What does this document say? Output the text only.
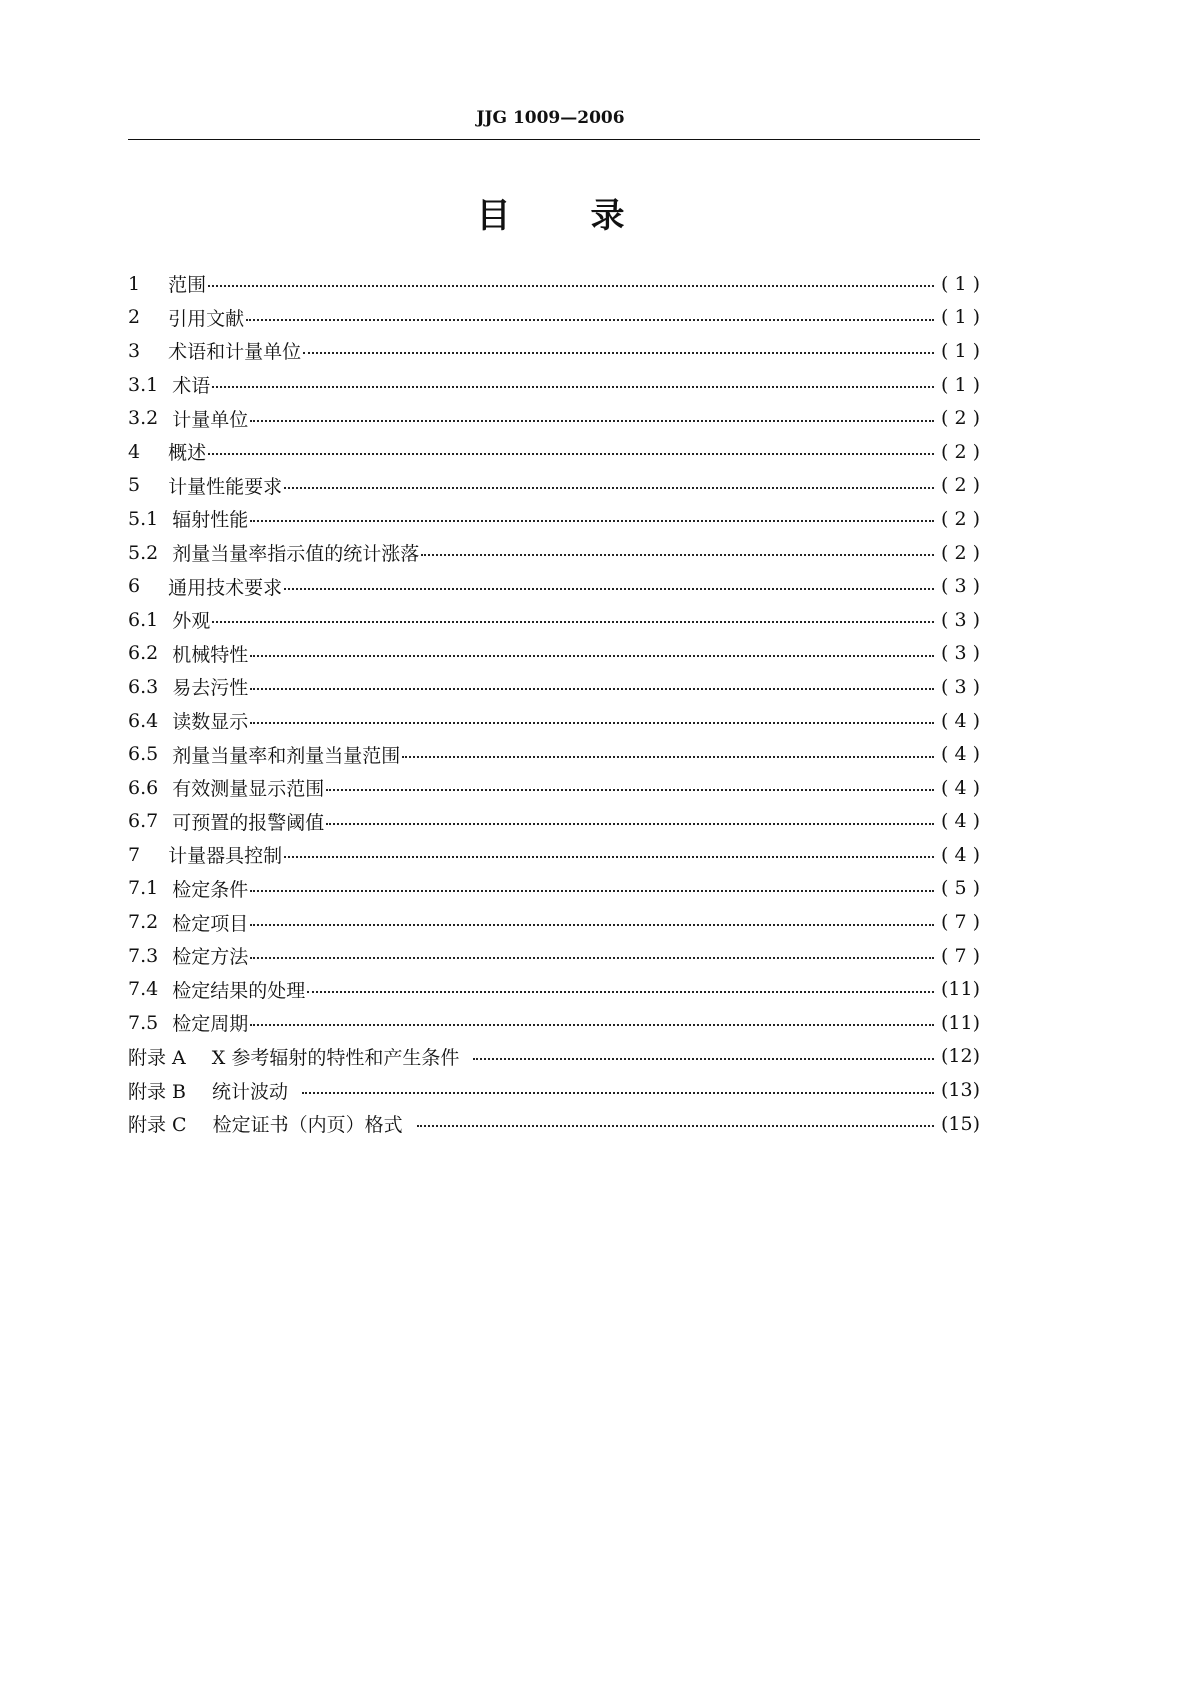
JJG 1009—2006
目 录
1 范围	( 1 )
2 引用文献	( 1 )
3 术语和计量单位	( 1 )
3.1 术语	( 1 )
3.2 计量单位	( 2 )
4 概述	( 2 )
5 计量性能要求	( 2 )
5.1 辐射性能	( 2 )
5.2 剂量当量率指示值的统计涨落	( 2 )
6 通用技术要求	( 3 )
6.1 外观	( 3 )
6.2 机械特性	( 3 )
6.3 易去污性	( 3 )
6.4 读数显示	( 4 )
6.5 剂量当量率和剂量当量范围	( 4 )
6.6 有效测量显示范围	( 4 )
6.7 可预置的报警阈值	( 4 )
7 计量器具控制	( 4 )
7.1 检定条件	( 5 )
7.2 检定项目	( 7 )
7.3 检定方法	( 7 )
7.4 检定结果的处理	(11)
7.5 检定周期	(11)
附录 A X 参考辐射的特性和产生条件	(12)
附录 B 统计波动	(13)
附录 C 检定证书（内页）格式	(15)
